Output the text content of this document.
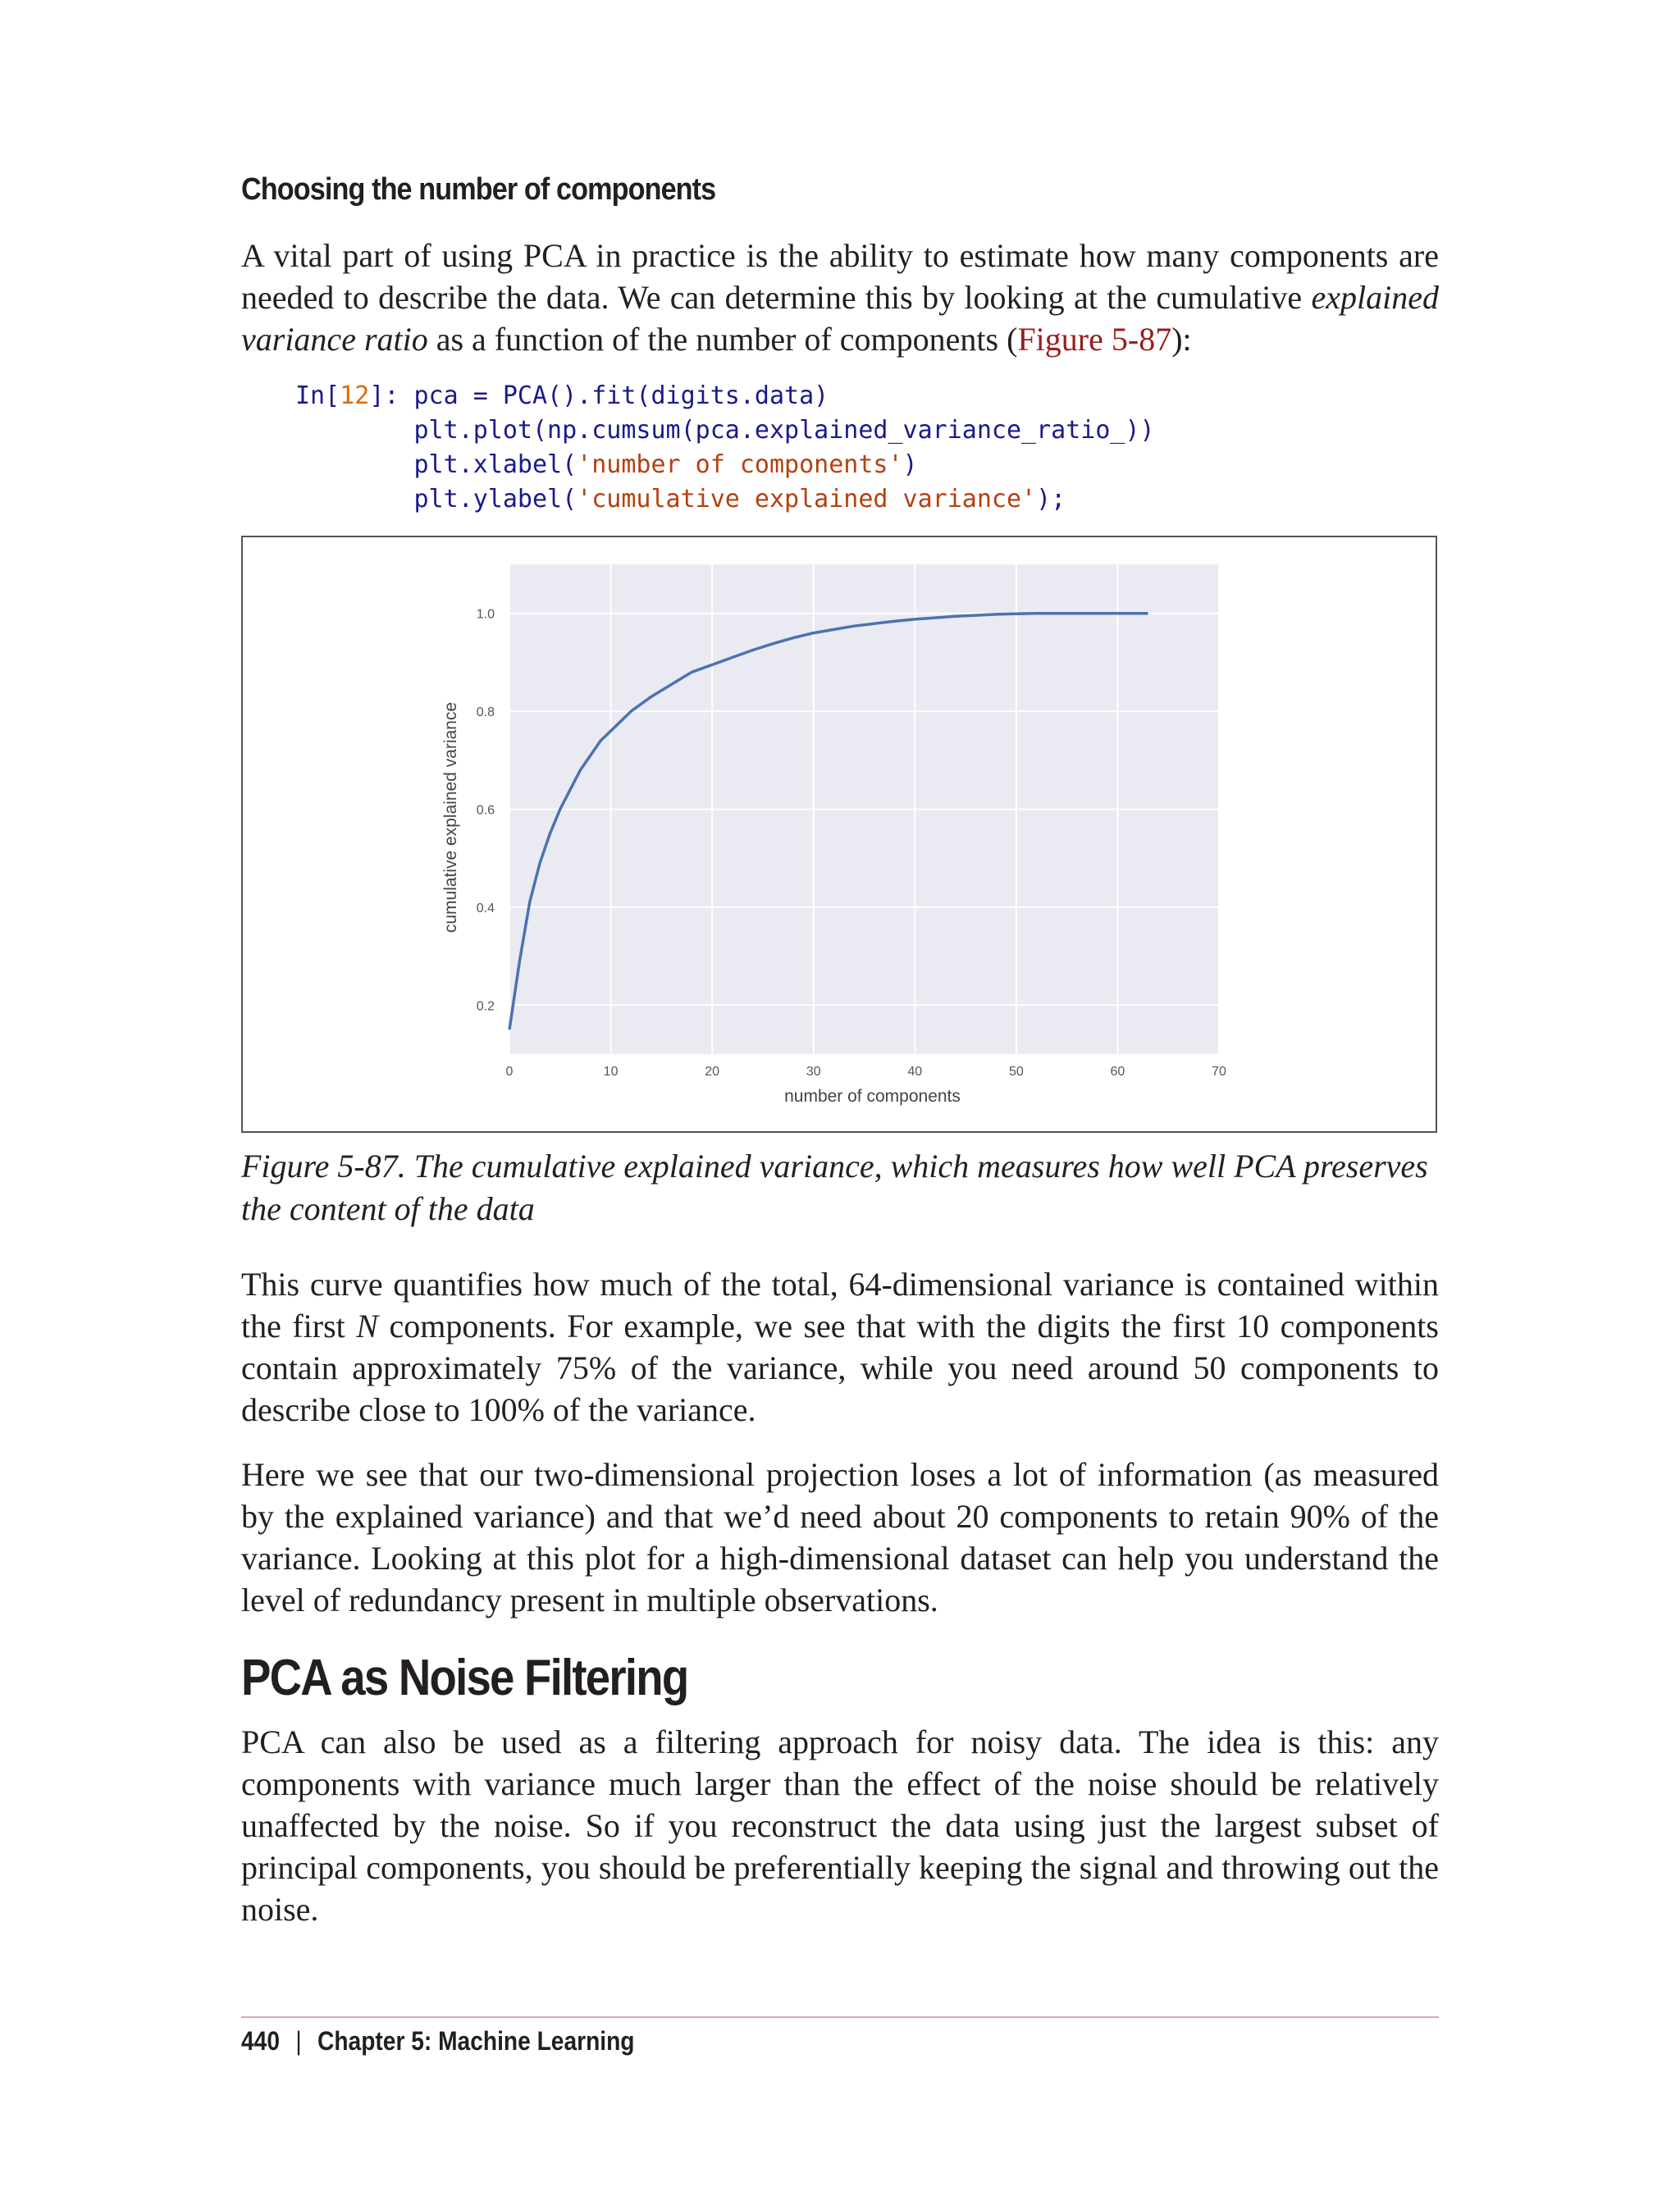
Choosing the number of components

A vital part of using PCA in practice is the ability to estimate how many components are needed to describe the data. We can determine this by looking at the cumulative explained variance ratio as a function of the number of components (Figure 5-87):

In[12]: pca = PCA().fit(digits.data)
plt.plot(np.cumsum(pca.explained_variance_ratio_))
plt.xlabel('number of components')
plt.ylabel('cumulative explained variance');
0	10	20	30	40	50	60	70
0.2
0.4
0.6
0.8
1.0
number of components
cumulative explained variance

Figure 5-87. The cumulative explained variance, which measures how well PCA preserves the content of the data

This curve quantifies how much of the total, 64-dimensional variance is contained within the first N components. For example, we see that with the digits the first 10 components contain approximately 75% of the variance, while you need around 50 components to describe close to 100% of the variance.

Here we see that our two-dimensional projection loses a lot of information (as measured by the explained variance) and that we’d need about 20 components to retain 90% of the variance. Looking at this plot for a high-dimensional dataset can help you understand the level of redundancy present in multiple observations.

PCA as Noise Filtering

PCA can also be used as a filtering approach for noisy data. The idea is this: any components with variance much larger than the effect of the noise should be relatively unaffected by the noise. So if you reconstruct the data using just the largest subset of principal components, you should be preferentially keeping the signal and throwing out the noise.

440 | Chapter 5: Machine Learning
